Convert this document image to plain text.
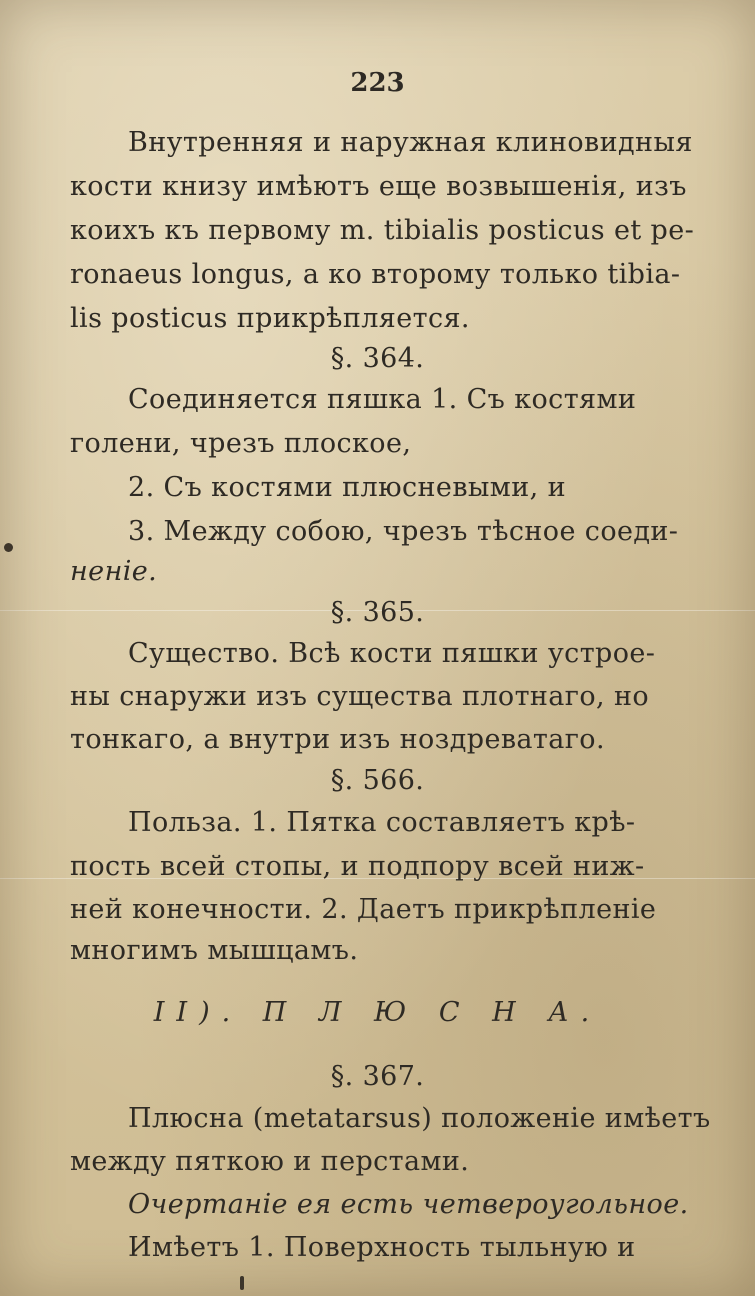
223
Внутренняя и наружная клиновидныя
кости книзу имѣютъ еще возвышенія, изъ
коихъ къ первому m. tibialis posticus et pe-
ronaeus longus, а ко второму только tibia-
lis posticus прикрѣпляется.
§. 364.
Соединяется пяшка 1. Съ костями
голени, чрезъ плоское,
2. Съ костями плюсневыми, и
3. Между собою, чрезъ тѣсное соеди-
неніе.
§. 365.
Существо. Всѣ кости пяшки устрое-
ны снаружи изъ существа плотнаго, но
тонкаго, а внутри изъ ноздреватаго.
§. 566.
Польза. 1. Пятка составляетъ крѣ-
пость всей стопы, и подпору всей ниж-
ней конечности. 2. Даетъ прикрѣпленіе
многимъ мышцамъ.
II). П Л Ю С Н А.
§. 367.
Плюсна (metatarsus) положеніе имѣетъ
между пяткою и перстами.
Очертаніе ея есть четвероугольное.
Имѣетъ 1. Поверхность тыльную и
